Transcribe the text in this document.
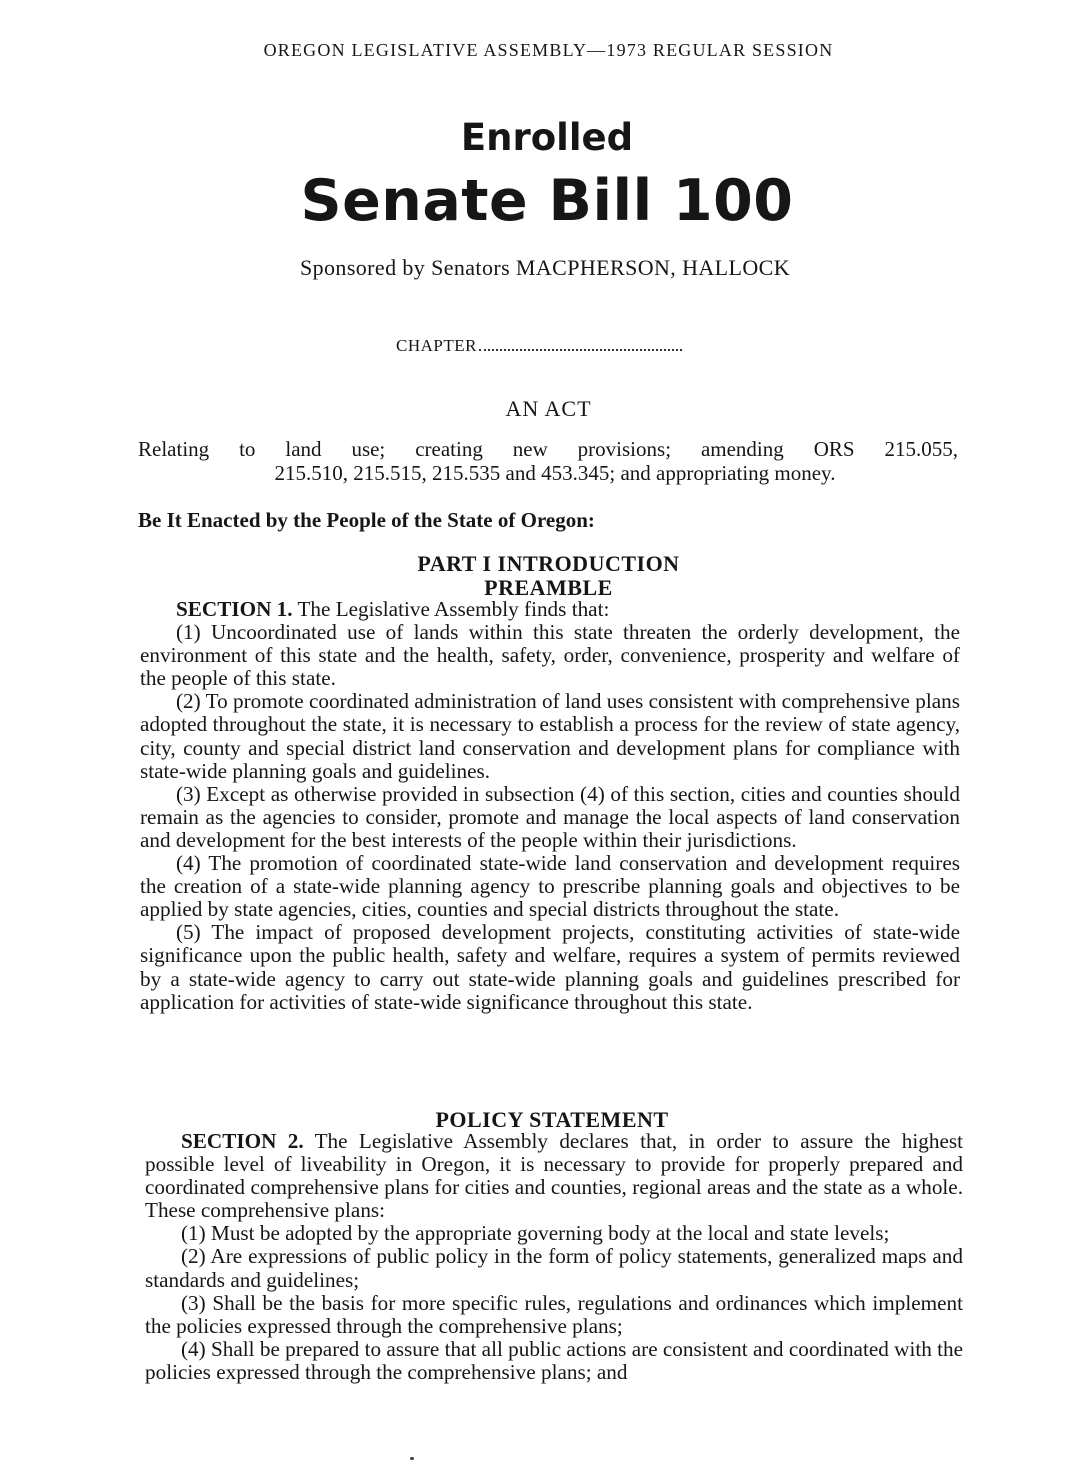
OREGON LEGISLATIVE ASSEMBLY—1973 REGULAR SESSION
Enrolled
Senate Bill 100
Sponsored by Senators MACPHERSON, HALLOCK
CHAPTER
AN ACT
Relating to land use; creating new provisions; amending ORS 215.055,
215.510, 215.515, 215.535 and 453.345; and appropriating money.
Be It Enacted by the People of the State of Oregon:
PART I INTRODUCTION
PREAMBLE

SECTION 1. The Legislative Assembly finds that:

(1) Uncoordinated use of lands within this state threaten the orderly development, the environment of this state and the health, safety, order, convenience, prosperity and welfare of the people of this state.

(2) To promote coordinated administration of land uses consistent with comprehensive plans adopted throughout the state, it is necessary to establish a process for the review of state agency, city, county and special district land conservation and development plans for compliance with state-wide planning goals and guidelines.

(3) Except as otherwise provided in subsection (4) of this section, cities and counties should remain as the agencies to consider, promote and manage the local aspects of land conservation and development for the best interests of the people within their jurisdictions.

(4) The promotion of coordinated state-wide land conservation and development requires the creation of a state-wide planning agency to prescribe planning goals and objectives to be applied by state agencies, cities, counties and special districts throughout the state.

(5) The impact of proposed development projects, constituting activities of state-wide significance upon the public health, safety and welfare, requires a system of permits reviewed by a state-wide agency to carry out state-wide planning goals and guidelines prescribed for application for activities of state-wide significance throughout this state.

POLICY STATEMENT

SECTION 2. The Legislative Assembly declares that, in order to assure the highest possible level of liveability in Oregon, it is necessary to provide for properly prepared and coordinated comprehensive plans for cities and counties, regional areas and the state as a whole. These comprehensive plans:

(1) Must be adopted by the appropriate governing body at the local and state levels;

(2) Are expressions of public policy in the form of policy statements, generalized maps and standards and guidelines;

(3) Shall be the basis for more specific rules, regulations and ordinances which implement the policies expressed through the comprehensive plans;

(4) Shall be prepared to assure that all public actions are consistent and coordinated with the policies expressed through the comprehensive plans; and
